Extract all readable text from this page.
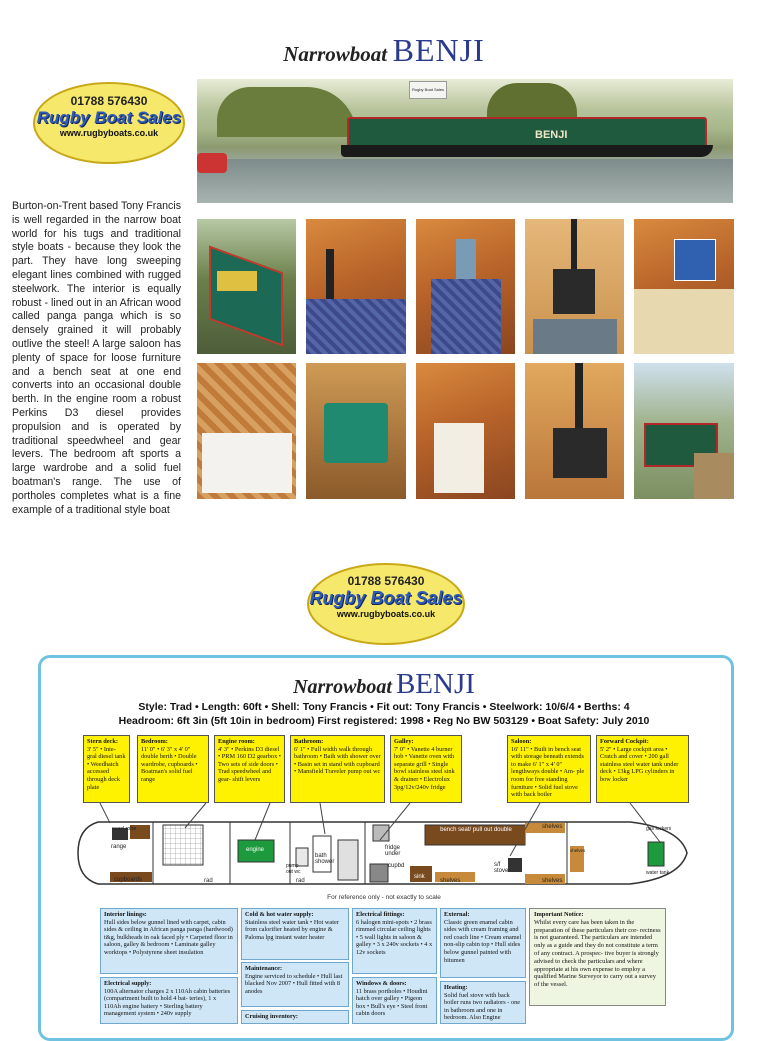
Narrowboat BENJI
01788 576430
Rugby Boat Sales
www.rugbyboats.co.uk
Burton-on-Trent based Tony Francis is well regarded in the narrow boat world for his tugs and traditional style boats - because they look the part. They have long sweeping elegant lines combined with rugged steelwork. The interior is equally robust - lined out in an African wood called panga panga which is so densely grained it will probably outlive the steel! A large saloon has plenty of space for loose furniture and a bench seat at one end converts into an occasional double berth. In the engine room a robust Perkins D3 diesel provides propulsion and is operated by traditional speedwheel and gear levers. The bedroom aft sports a large wardrobe and a solid fuel boatman's range. The use of portholes completes what is a fine example of a traditional style boat
Rugby Boat Sales
BENJI
01788 576430
Rugby Boat Sales
www.rugbyboats.co.uk
Narrowboat BENJI
Style: Trad • Length: 60ft • Shell: Tony Francis • Fit out: Tony Francis • Steelwork: 10/6/4 • Berths: 4
Headroom: 6ft 3in (5ft 10in in bedroom) First registered: 1998 • Reg No BW 503129 • Boat Safety: July 2010
Stern deck:
3' 5" • Inte- gral diesel tank • Weedhatch accessed through deck plate
Bedroom:
11' 0" • 6' 3" x 4' 0" double berth • Double wardrobe, cupboards • Boatman's solid fuel range
Engine room:
4' 3" • Perkins D3 diesel • PRM 160 D2 gearbox • Two sets of side doors • Trad speedwheel and gear- shift levers
Bathroom:
6' 1" • Full width walk through bathroom • Bath with shower over • Basin set in stand with cupboard • Mansfield Traveler pump out wc
Galley:
7' 0" • Vanette 4 burner hob • Vanette oven with separate grill • Single bowl stainless steel sink & drainer • Electrolux 3pg/12v/240v fridge
Saloon:
16' 11" • Built in bench seat with storage beneath extends to make 6' 1" x 4' 0" lengthways double • Am- ple room for free standing furniture • Solid fuel stove with back boiler
Forward Cockpit:
5' 2" • Large cockpit area • Cratch and cover • 200 gall stainless steel water tank under deck • 13kg LPG cylinders in bow locker
ward robe
range
cupboards	rad
engine
pump out wc
bath shower
fridge under
cupbd
bench seat/ pull out double
sink
s/f stove
shelves
shelves	shelves
shelves
gas lockers
water tank
rad
For reference only - not exactly to scale
Interior linings:
Hull sides below gunnel lined with carpet, cabin sides & ceiling in African panga panga (hardwood) t&g, bulkheads in oak faced ply • Carpeted floor in saloon, galley & bedroom • Laminate galley worktops • Polystyrene sheet insulation
Electrical supply:
100A alternator charges 2 x 110Ah cabin batteries (compartment built to hold 4 bat- teries), 1 x 110Ah engine battery • Sterling battery management system • 240v supply
Cold & hot water supply:
Stainless steel water tank • Hot water from calorifier heated by engine & Paloma lpg instant water heater
Maintenance:
Engine serviced to schedule • Hull last blacked Nov 2007 • Hull fitted with 8 anodes
Cruising inventory:
Electrical fittings:
6 halogen mini-spots • 2 brass rimmed circular ceiling lights • 5 wall lights in saloon & galley • 3 x 240v sockets • 4 x 12v sockets
Windows & doors:
11 brass portholes • Houdini hatch over galley • Pigeon box • Bull's eye • Steel front cabin doors
External:
Classic green enamel cabin sides with cream framing and red coach line • Cream enamel non-slip cabin top • Hull sides below gunnel painted with bitumen
Heating:
Solid fuel stove with back boiler runs two radiators - one in bathroom and one in bedroom. Also Engine
Important Notice:
Whilst every care has been taken in the preparation of these particulars their cor- rectness is not guaranteed. The particulars are intended only as a guide and they do not constitute a term of any contract. A prospec- tive buyer is strongly advised to check the particulars and where appropriate at his own expense to employ a qualified Marine Surveyor to carry out a survey of the vessel.
